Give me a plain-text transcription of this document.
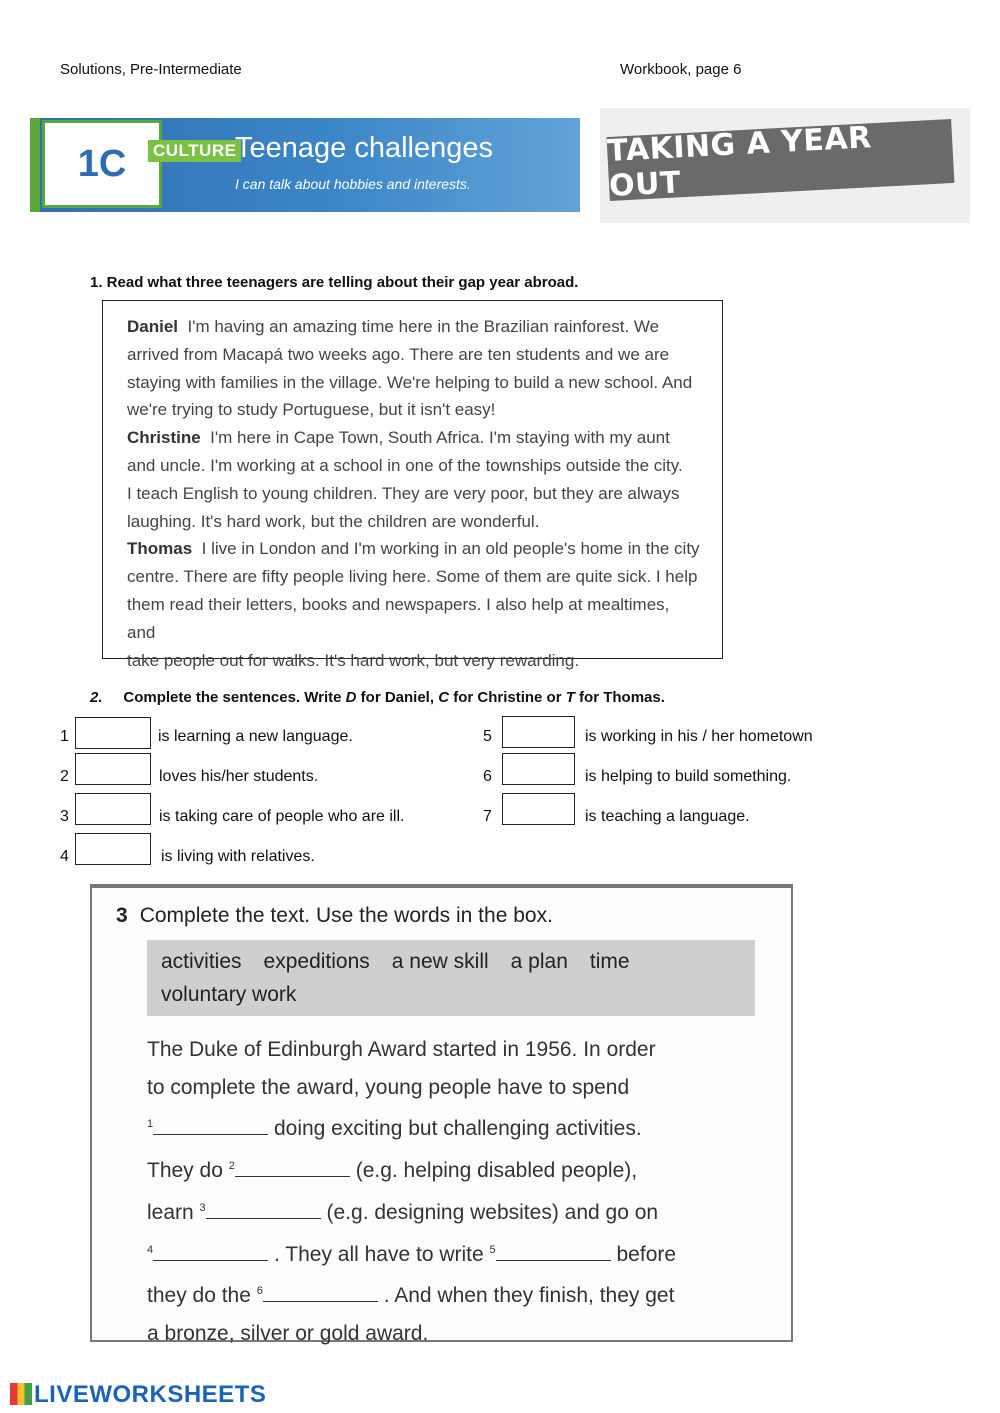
Solutions, Pre-Intermediate	Workbook, page 6
1C	CULTURE
Teenage challenges
I can talk about hobbies and interests.
TAKING A YEAR OUT
1. Read what three teenagers are telling about their gap year abroad.
Daniel I'm having an amazing time here in the Brazilian rainforest. We
arrived from Macapá two weeks ago. There are ten students and we are
staying with families in the village. We're helping to build a new school. And
we're trying to study Portuguese, but it isn't easy!
Christine I'm here in Cape Town, South Africa. I'm staying with my aunt
and uncle. I'm working at a school in one of the townships outside the city.
I teach English to young children. They are very poor, but they are always
laughing. It's hard work, but the children are wonderful.
Thomas I live in London and I'm working in an old people's home in the city
centre. There are fifty people living here. Some of them are quite sick. I help
them read their letters, books and newspapers. I also help at mealtimes, and
take people out for walks. It's hard work, but very rewarding.
2. Complete the sentences. Write D for Daniel, C for Christine or T for Thomas.
1	is learning a new language.
2	loves his/her students.
3	is taking care of people who are ill.
4	is living with relatives.
5	is working in his / her hometown
6	is helping to build something.
7	is teaching a language.
3 Complete the text. Use the words in the box.
activities expeditions a new skill a plan time
voluntary work
The Duke of Edinburgh Award started in 1956. In order
to complete the award, young people have to spend
$^1$	doing exciting but challenging activities.
They do $^2$	(e.g. helping disabled people),
learn $^3$	(e.g. designing websites) and go on
$^4$	. They all have to write $^5$	before
they do the $^6$	. And when they finish, they get
a bronze, silver or gold award.
LIVEWORKSHEETS
